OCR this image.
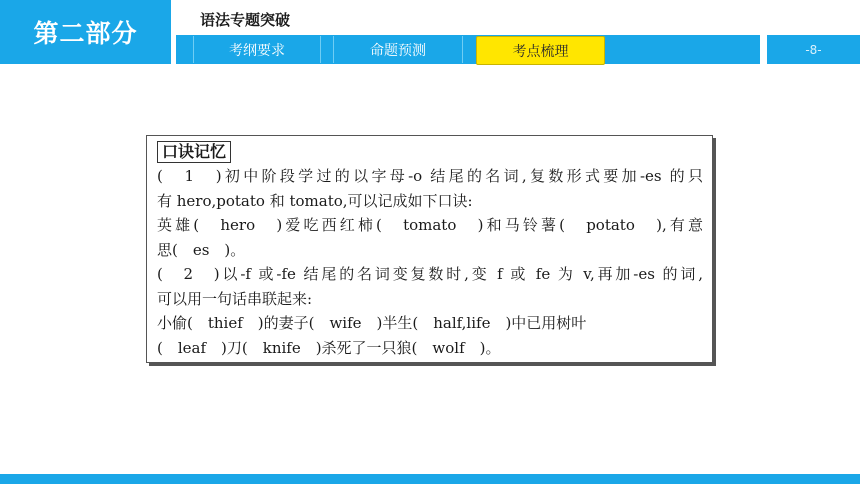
第二部分	语法专题突破
考纲要求	命题预测	考点梳理	-8-
口诀记忆
(　1　)初中阶段学过的以字母-o 结尾的名词,复数形式要加-es 的只
有 hero,potato 和 tomato,可以记成如下口诀:
英雄(　hero　)爱吃西红柿(　tomato　)和马铃薯(　potato　),有意
思(　es　)。
(　2　)以-f 或-fe 结尾的名词变复数时,变 f 或 fe 为 v,再加-es 的词,
可以用一句话串联起来:
小偷(　thief　)的妻子(　wife　)半生(　half,life　)中已用树叶
(　leaf　)刀(　knife　)杀死了一只狼(　wolf　)。
